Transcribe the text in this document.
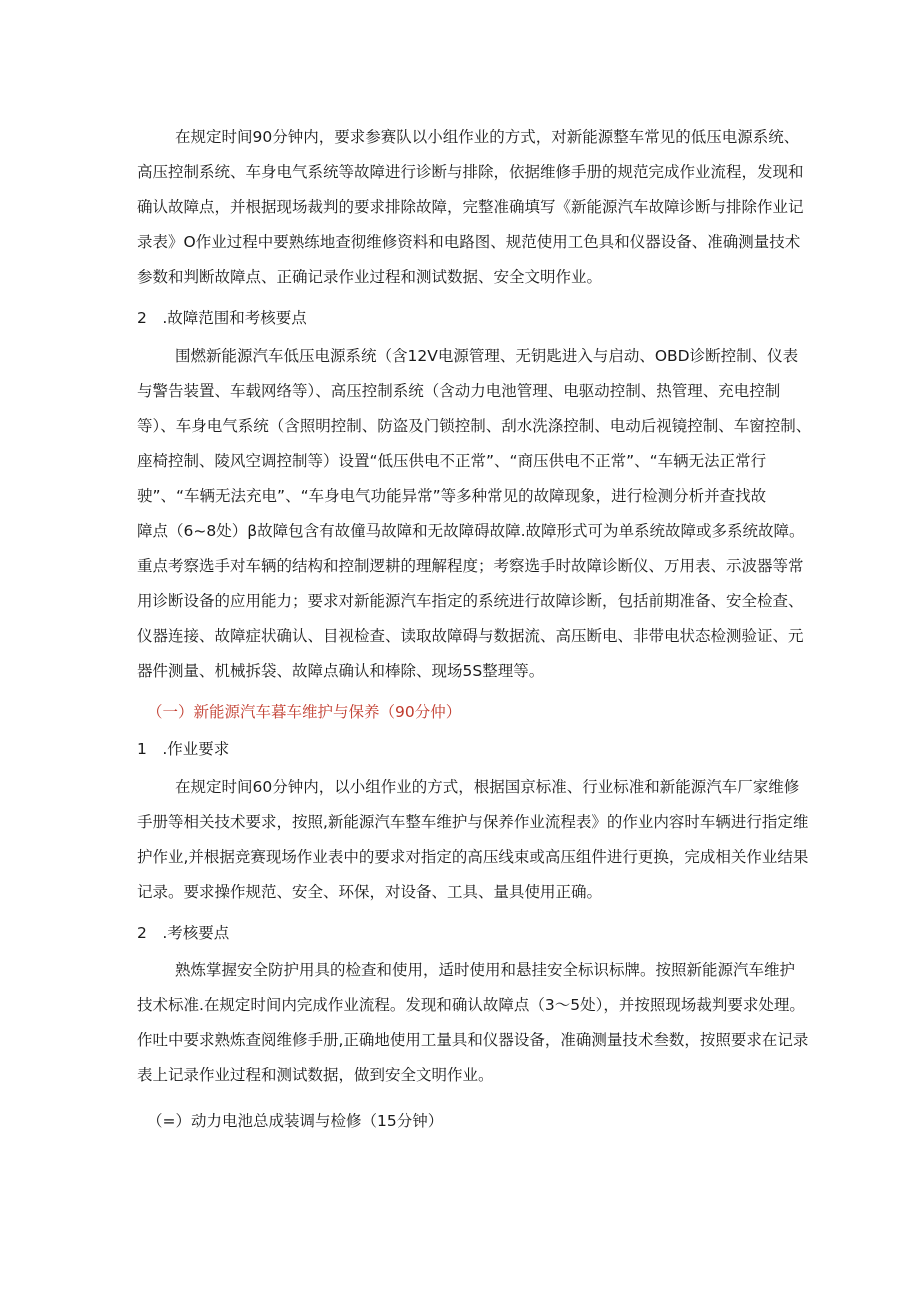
在规定时间90分钟内，要求参赛队以小组作业的方式，对新能源整车常见的低压电源系统、
高压控制系统、车身电气系统等故障进行诊断与排除，依据维修手册的规范完成作业流程，发现和
确认故障点，并根据现场裁判的要求排除故障，完整准确填写《新能源汽车故障诊断与排除作业记
录表》O作业过程中要熟练地查彻维修资料和电路图、规范使用工色具和仪器设备、准确测量技术
参数和判断故障点、正确记录作业过程和测试数据、安全文明作业。
2　.故障范围和考核要点
围燃新能源汽车低压电源系统（含12V电源管理、无钥匙进入与启动、OBD诊断控制、仪表
与警告装置、车载网络等）、高压控制系统（含动力电池管理、电驱动控制、热管理、充电控制
等）、车身电气系统（含照明控制、防盗及门锁控制、刮水洗涤控制、电动后视镜控制、车窗控制、
座椅控制、陵风空调控制等）设置“低压供电不正常”、“商压供电不正常”、“车辆无法正常行
驶”、“车辆无法充电”、“车身电气功能异常”等多种常见的故障现象，进行检测分析并查找故
障点（6~8处）β故障包含有故僮马故障和无故障碍故障.故障形式可为单系统故障或多系统故障。
重点考察选手对车辆的结构和控制逻耕的理解程度；考察选手时故障诊断仪、万用表、示波器等常
用诊断设备的应用能力；要求对新能源汽车指定的系统进行故障诊断，包括前期准备、安全检查、
仪器连接、故障症状确认、目视检查、读取故障碍与数据流、高压断电、非带电状态检测验证、元
器件测量、机械拆袋、故障点确认和棒除、现场5S整理等。
（一）新能源汽车暮车维护与保养（90分仲）
1　.作业要求
在规定时间60分钟内，以小组作业的方式，根据国京标准、行业标准和新能源汽车厂家维修
手册等相关技术要求，按照,新能源汽车整车维护与保养作业流程表》的作业内容时车辆进行指定维
护作业,并根据竞赛现场作业表中的要求对指定的高压线束或高压组件进行更换，完成相关作业结果
记录。要求操作规范、安全、环保，对设备、工具、量具使用正确。
2　.考核要点
熟炼掌握安全防护用具的检查和使用，适时使用和悬挂安全标识标牌。按照新能源汽车维护
技术标准.在规定时间内完成作业流程。发现和确认故障点（3～5处），并按照现场裁判要求处理。
作吐中要求熟炼查阅维修手册,正确地使用工量具和仪器设备，准确测量技术叁数，按照要求在记录
表上记录作业过程和测试数据，做到安全文明作业。
（=）动力电池总成装调与检修（15分钟）
